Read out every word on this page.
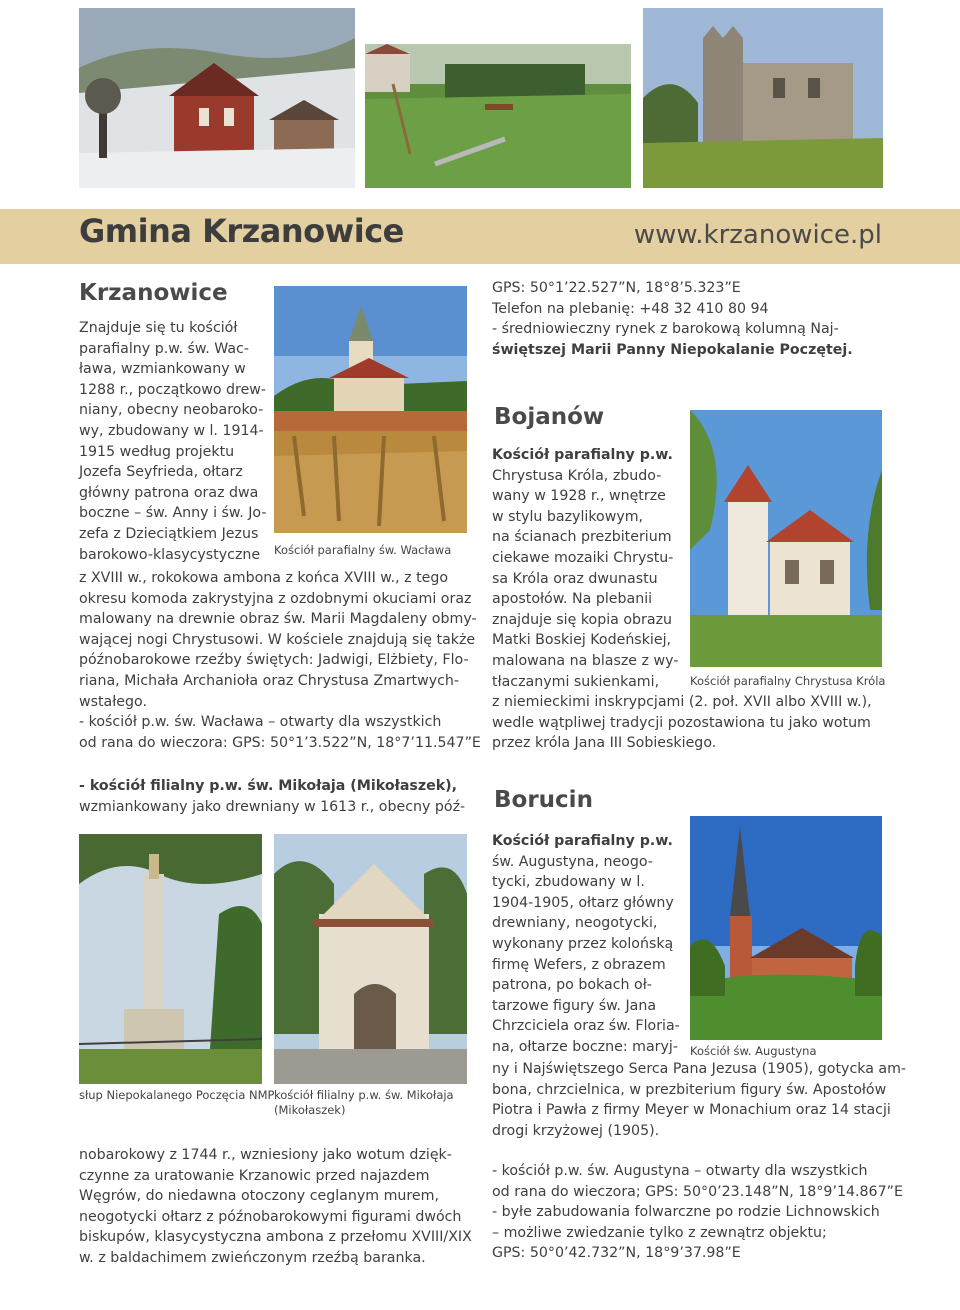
Gmina Krzanowice	www.krzanowice.pl
Krzanowice
Znajduje się tu kościół
parafialny p.w. św. Wac-
ława, wzmiankowany w
1288 r., początkowo drew-
niany, obecny neobaroko-
wy, zbudowany w l. 1914-
1915 według projektu
Jozefa Seyfrieda, ołtarz
główny patrona oraz dwa
boczne – św. Anny i św. Jo-
zefa z Dzieciątkiem Jezus
barokowo-klasycystyczne Kościół parafialny św. Wacława
z XVIII w., rokokowa ambona z końca XVIII w., z tego
okresu komoda zakrystyjna z ozdobnymi okuciami oraz
malowany na drewnie obraz św. Marii Magdaleny obmy-
wającej nogi Chrystusowi. W kościele znajdują się także
późnobarokowe rzeźby świętych: Jadwigi, Elżbiety, Flo-
riana, Michała Archanioła oraz Chrystusa Zmartwych-
wstałego.
- kościół p.w. św. Wacława – otwarty dla wszystkich
od rana do wieczora: GPS: 50°1’3.522”N, 18°7’11.547”E
- kościół filialny p.w. św. Mikołaja (Mikołaszek),
wzmiankowany jako drewniany w 1613 r., obecny póź-
słup Niepokalanego Poczęcia NMP kościół filialny p.w. św. Mikołaja (Mikołaszek)
nobarokowy z 1744 r., wzniesiony jako wotum dzięk-
czynne za uratowanie Krzanowic przed najazdem
Węgrów, do niedawna otoczony ceglanym murem,
neogotycki ołtarz z późnobarokowymi figurami dwóch
biskupów, klasycystyczna ambona z przełomu XVIII/XIX
w. z baldachimem zwieńczonym rzeźbą baranka.
GPS: 50°1’22.527”N, 18°8’5.323”E
Telefon na plebanię: +48 32 410 80 94
- średniowieczny rynek z barokową kolumną Naj-
świętszej Marii Panny Niepokalanie Poczętej.
Bojanów
Kościół parafialny p.w.
Chrystusa Króla, zbudo-
wany w 1928 r., wnętrze
w stylu bazylikowym,
na ścianach prezbiterium
ciekawe mozaiki Chrystu-
sa Króla oraz dwunastu
apostołów. Na plebanii
znajduje się kopia obrazu
Matki Boskiej Kodeńskiej,
malowana na blasze z wy-
tłaczanymi sukienkami,	Kościół parafialny Chrystusa Króla
z niemieckimi inskrypcjami (2. poł. XVII albo XVIII w.),
wedle wątpliwej tradycji pozostawiona tu jako wotum
przez króla Jana III Sobieskiego.
Borucin
Kościół parafialny p.w.
św. Augustyna, neogo-
tycki, zbudowany w l.
1904-1905, ołtarz główny
drewniany, neogotycki,
wykonany przez kolońską
firmę Wefers, z obrazem
patrona, po bokach oł-
tarzowe figury św. Jana
Chrzciciela oraz św. Floria-
na, ołtarze boczne: maryj- Kościół św. Augustyna
ny i Najświętszego Serca Pana Jezusa (1905), gotycka am-
bona, chrzcielnica, w prezbiterium figury św. Apostołów
Piotra i Pawła z firmy Meyer w Monachium oraz 14 stacji
drogi krzyżowej (1905).
- kościół p.w. św. Augustyna – otwarty dla wszystkich
od rana do wieczora; GPS: 50°0’23.148”N, 18°9’14.867”E
- byłe zabudowania folwarczne po rodzie Lichnowskich
– możliwe zwiedzanie tylko z zewnątrz objektu;
GPS: 50°0’42.732”N, 18°9’37.98”E
